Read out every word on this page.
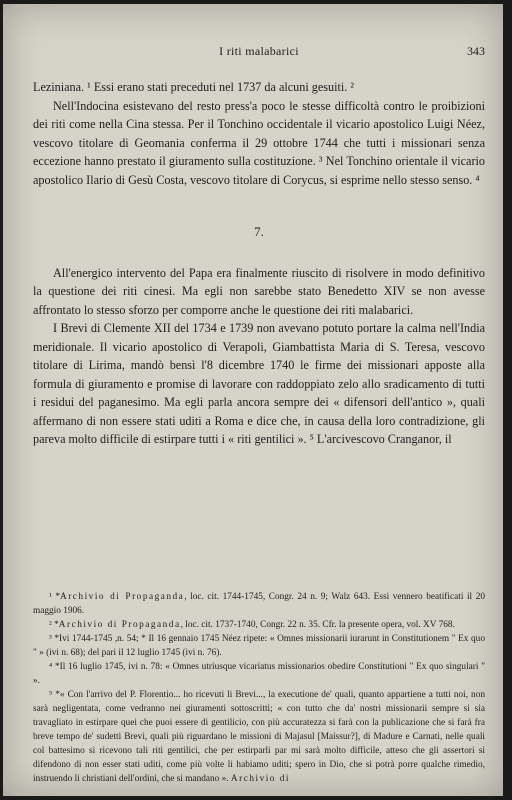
I riti malabarici	343

Leziniana. ¹ Essi erano stati preceduti nel 1737 da alcuni gesuiti. ²

Nell'Indocina esistevano del resto press'a poco le stesse difficoltà contro le proibizioni dei riti come nella Cina stessa. Per il Tonchino occidentale il vicario apostolico Luigi Néez, vescovo titolare di Geomania conferma il 29 ottobre 1744 che tutti i missionari senza eccezione hanno prestato il giuramento sulla costituzione. ³ Nel Tonchino orientale il vicario apostolico Ilario di Gesù Costa, vescovo titolare di Corycus, si esprime nello stesso senso. ⁴

7.

All'energico intervento del Papa era finalmente riuscito di risolvere in modo definitivo la questione dei riti cinesi. Ma egli non sarebbe stato Benedetto XIV se non avesse affrontato lo stesso sforzo per comporre anche le questione dei riti malabarici.

I Brevi di Clemente XII del 1734 e 1739 non avevano potuto portare la calma nell'India meridionale. Il vicario apostolico di Verapoli, Giambattista Maria di S. Teresa, vescovo titolare di Lirima, mandò bensì l'8 dicembre 1740 le firme dei missionari apposte alla formula di giuramento e promise di lavorare con raddoppiato zelo allo sradicamento di tutti i residui del paganesimo. Ma egli parla ancora sempre dei « difensori dell'antico », quali affermano di non essere stati uditi a Roma e dice che, in causa della loro contradizione, gli pareva molto difficile di estirpare tutti i « riti gentilici ». ⁵ L'arcivescovo Cranganor, il

¹ *Archivio di Propaganda, loc. cit. 1744-1745, Congr. 24 n. 9; Walz 643. Essi vennero beatificati il 20 maggio 1906.

² *Archivio di Propaganda, loc. cit. 1737-1740, Congr. 22 n. 35. Cfr. la presente opera, vol. XV 768.

³ *Ivi 1744-1745 ,n. 54; * Il 16 gennaio 1745 Néez ripete: « Omnes missionarii iurarunt in Constitutionem " Ex quo " » (ivi n. 68); del pari il 12 luglio 1745 (ivi n. 76).

⁴ *Il 16 luglio 1745, ivi n. 78: « Omnes utriusque vicariatus missionarios obedire Constitutioni " Ex quo singulari " ».

⁵ *« Con l'arrivo del P. Florentio... ho ricevuti li Brevi..., la executione de' quali, quanto appartiene a tutti noi, non sarà negligentata, come vedranno nei giuramenti sottoscritti; « con tutto che da' nostri missionarii sempre si sia travagliato in estirpare quei che puoi essere di gentilicio, con più accuratezza si farà con la publicazione che si farà fra breve tempo de' sudetti Brevi, quali più riguardano le missioni di Majasul [Maissur?], di Madure e Carnati, nelle quali col battesimo si ricevono tali riti gentilici, che per estirparli par mi sarà molto difficile, atteso che gli assertori si difendono di non esser stati uditi, come più volte li habiamo uditi; spero in Dio, che si potrà porre qualche rimedio, instruendo li christiani dell'ordini, che si mandano ». Archivio di
